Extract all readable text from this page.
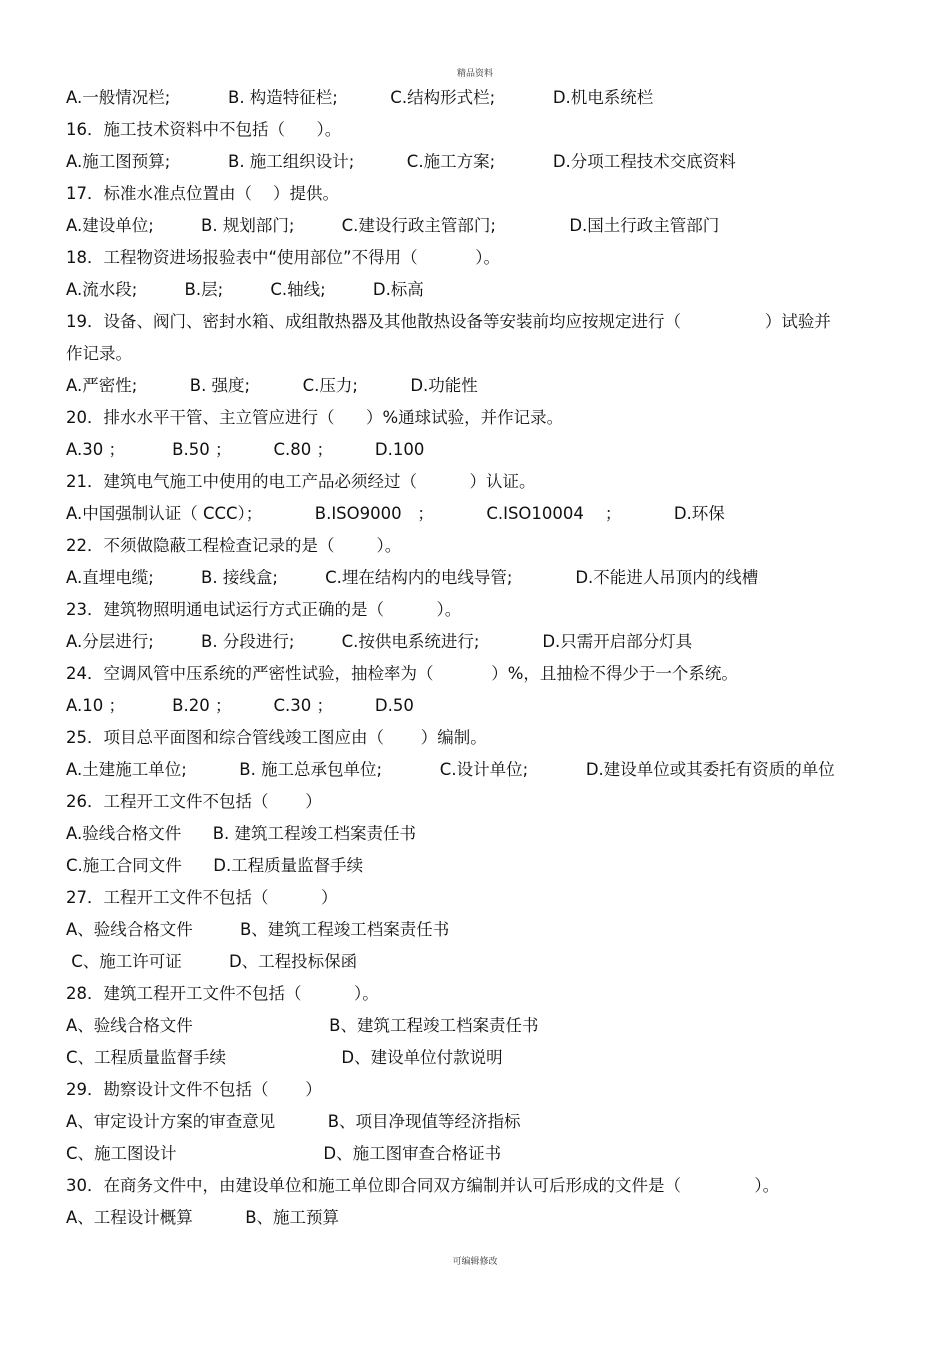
精品资料
A.一般情况栏;           B. 构造特征栏;          C.结构形式栏;           D.机电系统栏
16．施工技术资料中不包括（      ）。
A.施工图预算;           B. 施工组织设计;          C.施工方案;           D.分项工程技术交底资料
17．标准水准点位置由（    ）提供。
A.建设单位;         B. 规划部门;         C.建设行政主管部门;              D.国土行政主管部门
18．工程物资进场报验表中“使用部位”不得用（           ）。
A.流水段;         B.层;         C.轴线;         D.标高
19．设备、阀门、密封水箱、成组散热器及其他散热设备等安装前均应按规定进行（                ）试验并
作记录。
A.严密性;          B. 强度;          C.压力;          D.功能性
20．排水水平干管、主立管应进行（      ）%通球试验，并作记录。
A.30 ；         B.50 ；        C.80 ；        D.100
21．建筑电气施工中使用的电工产品必须经过（          ）认证。
A.中国强制认证（ CCC）；          B.ISO9000   ；          C.ISO10004    ；          D.环保
22．不须做隐蔽工程检查记录的是（        ）。
A.直埋电缆;         B. 接线盒;         C.埋在结构内的电线导管;            D.不能进人吊顶内的线槽
23．建筑物照明通电试运行方式正确的是（          ）。
A.分层进行;         B. 分段进行;         C.按供电系统进行;            D.只需开启部分灯具
24．空调风管中压系统的严密性试验，抽检率为（           ）%，且抽检不得少于一个系统。
A.10 ；         B.20 ；        C.30 ；        D.50
25．项目总平面图和综合管线竣工图应由（       ）编制。
A.土建施工单位;          B. 施工总承包单位;           C.设计单位;           D.建设单位或其委托有资质的单位
26．工程开工文件不包括（       ）
A.验线合格文件      B. 建筑工程竣工档案责任书
C.施工合同文件      D.工程质量监督手续
27．工程开工文件不包括（          ）
A、验线合格文件         B、建筑工程竣工档案责任书
C、施工许可证         D、工程投标保函
28．建筑工程开工文件不包括（          ）。
A、验线合格文件                          B、建筑工程竣工档案责任书
C、工程质量监督手续                      D、建设单位付款说明
29．勘察设计文件不包括（       ）
A、审定设计方案的审查意见          B、项目净现值等经济指标
C、施工图设计                            D、施工图审查合格证书
30．在商务文件中，由建设单位和施工单位即合同双方编制并认可后形成的文件是（              ）。
A、工程设计概算          B、施工预算
可编辑修改
